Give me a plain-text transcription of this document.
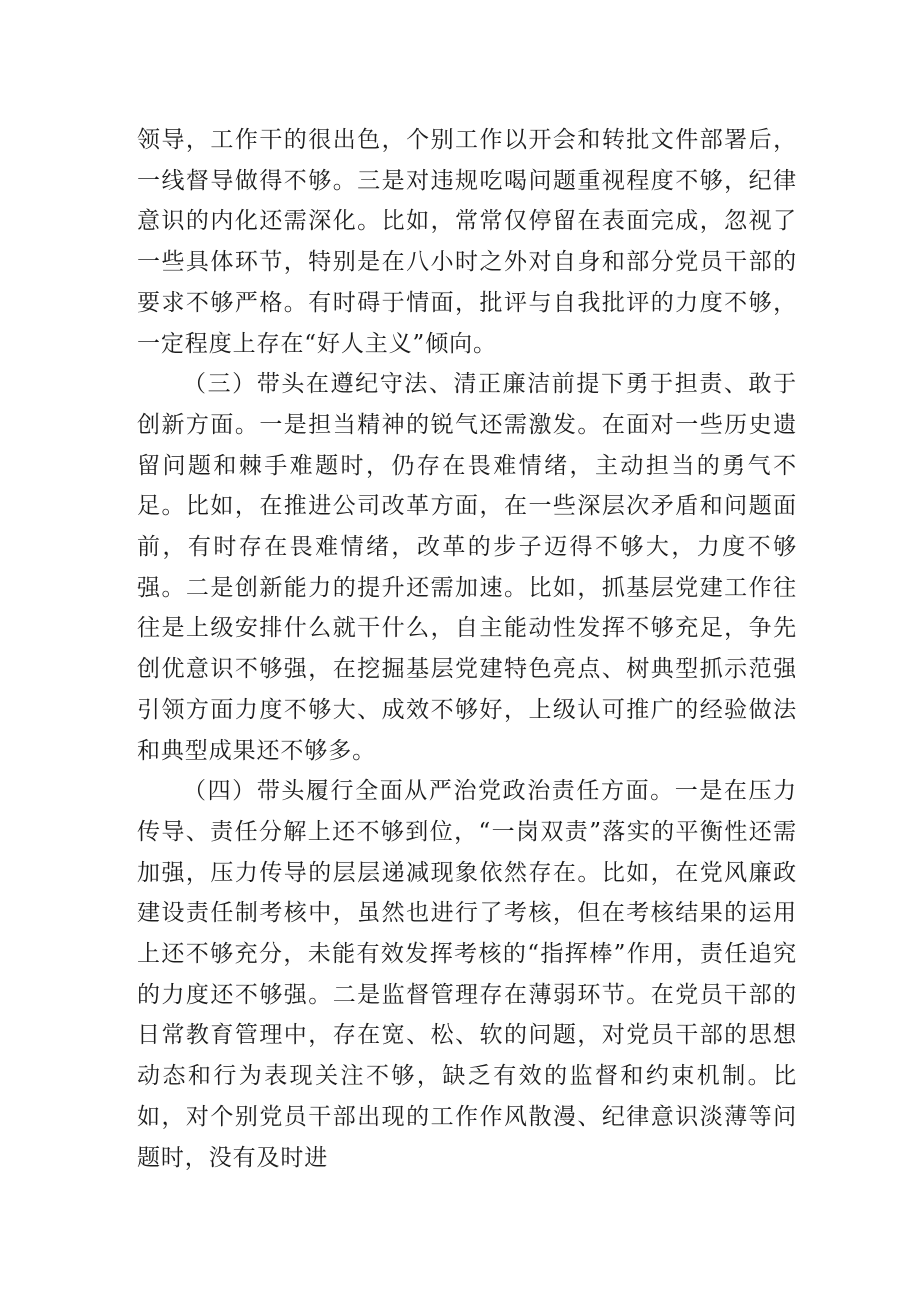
领导，工作干的很出色，个别工作以开会和转批文件部署后，一线督导做得不够。三是对违规吃喝问题重视程度不够，纪律意识的内化还需深化。比如，常常仅停留在表面完成，忽视了一些具体环节，特别是在八小时之外对自身和部分党员干部的要求不够严格。有时碍于情面，批评与自我批评的力度不够，一定程度上存在“好人主义”倾向。

（三）带头在遵纪守法、清正廉洁前提下勇于担责、敢于创新方面。一是担当精神的锐气还需激发。在面对一些历史遗留问题和棘手难题时，仍存在畏难情绪，主动担当的勇气不足。比如，在推进公司改革方面，在一些深层次矛盾和问题面前，有时存在畏难情绪，改革的步子迈得不够大，力度不够强。二是创新能力的提升还需加速。比如，抓基层党建工作往往是上级安排什么就干什么，自主能动性发挥不够充足，争先创优意识不够强，在挖掘基层党建特色亮点、树典型抓示范强引领方面力度不够大、成效不够好，上级认可推广的经验做法和典型成果还不够多。

（四）带头履行全面从严治党政治责任方面。一是在压力传导、责任分解上还不够到位，“一岗双责”落实的平衡性还需加强，压力传导的层层递减现象依然存在。比如，在党风廉政建设责任制考核中，虽然也进行了考核，但在考核结果的运用上还不够充分，未能有效发挥考核的“指挥棒”作用，责任追究的力度还不够强。二是监督管理存在薄弱环节。在党员干部的日常教育管理中，存在宽、松、软的问题，对党员干部的思想动态和行为表现关注不够，缺乏有效的监督和约束机制。比如，对个别党员干部出现的工作作风散漫、纪律意识淡薄等问题时，没有及时进
